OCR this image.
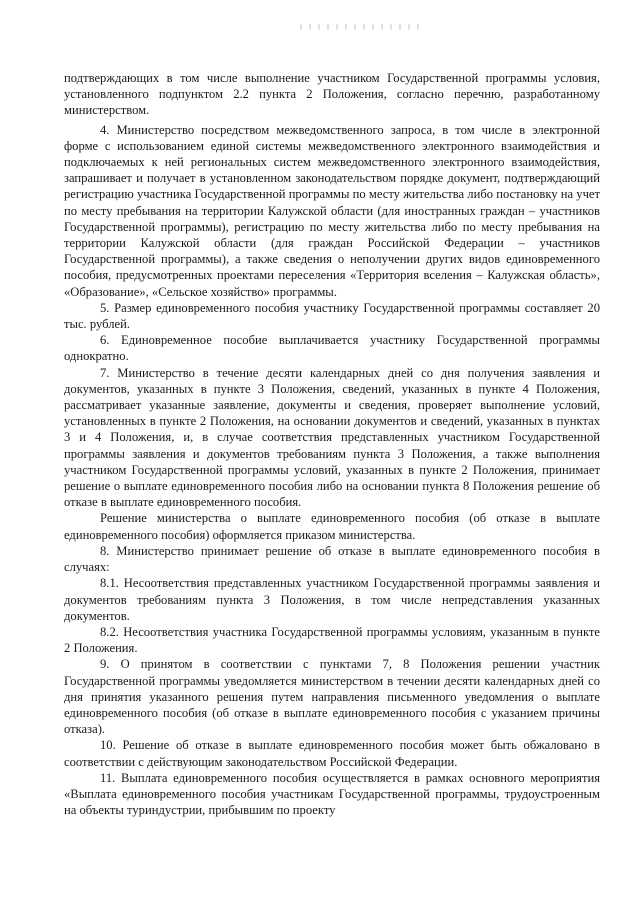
подтверждающих в том числе выполнение участником Государственной программы условия, установленного подпунктом 2.2 пункта 2 Положения, согласно перечню, разработанному министерством.

4. Министерство посредством межведомственного запроса, в том числе в электронной форме с использованием единой системы межведомственного электронного взаимодействия и подключаемых к ней региональных систем межведомственного электронного взаимодействия, запрашивает и получает в установленном законодательством порядке документ, подтверждающий регистрацию участника Государственной программы по месту жительства либо постановку на учет по месту пребывания на территории Калужской области (для иностранных граждан – участников Государственной программы), регистрацию по месту жительства либо по месту пребывания на территории Калужской области (для граждан Российской Федерации – участников Государственной программы), а также сведения о неполучении других видов единовременного пособия, предусмотренных проектами переселения «Территория вселения – Калужская область», «Образование», «Сельское хозяйство» программы.

5. Размер единовременного пособия участнику Государственной программы составляет 20 тыс. рублей.

6. Единовременное пособие выплачивается участнику Государственной программы однократно.

7. Министерство в течение десяти календарных дней со дня получения заявления и документов, указанных в пункте 3 Положения, сведений, указанных в пункте 4 Положения, рассматривает указанные заявление, документы и сведения, проверяет выполнение условий, установленных в пункте 2 Положения, на основании документов и сведений, указанных в пунктах 3 и 4 Положения, и, в случае соответствия представленных участником Государственной программы заявления и документов требованиям пункта 3 Положения, а также выполнения участником Государственной программы условий, указанных в пункте 2 Положения, принимает решение о выплате единовременного пособия либо на основании пункта 8 Положения решение об отказе в выплате единовременного пособия.

Решение министерства о выплате единовременного пособия (об отказе в выплате единовременного пособия) оформляется приказом министерства.

8. Министерство принимает решение об отказе в выплате единовременного пособия в случаях:

8.1. Несоответствия представленных участником Государственной программы заявления и документов требованиям пункта 3 Положения, в том числе непредставления указанных документов.

8.2. Несоответствия участника Государственной программы условиям, указанным в пункте 2 Положения.

9. О принятом в соответствии с пунктами 7, 8 Положения решении участник Государственной программы уведомляется министерством в течении десяти календарных дней со дня принятия указанного решения путем направления письменного уведомления о выплате единовременного пособия (об отказе в выплате единовременного пособия с указанием причины отказа).

10. Решение об отказе в выплате единовременного пособия может быть обжаловано в соответствии с действующим законодательством Российской Федерации.

11. Выплата единовременного пособия осуществляется в рамках основного мероприятия «Выплата единовременного пособия участникам Государственной программы, трудоустроенным на объекты туриндустрии, прибывшим по проекту
